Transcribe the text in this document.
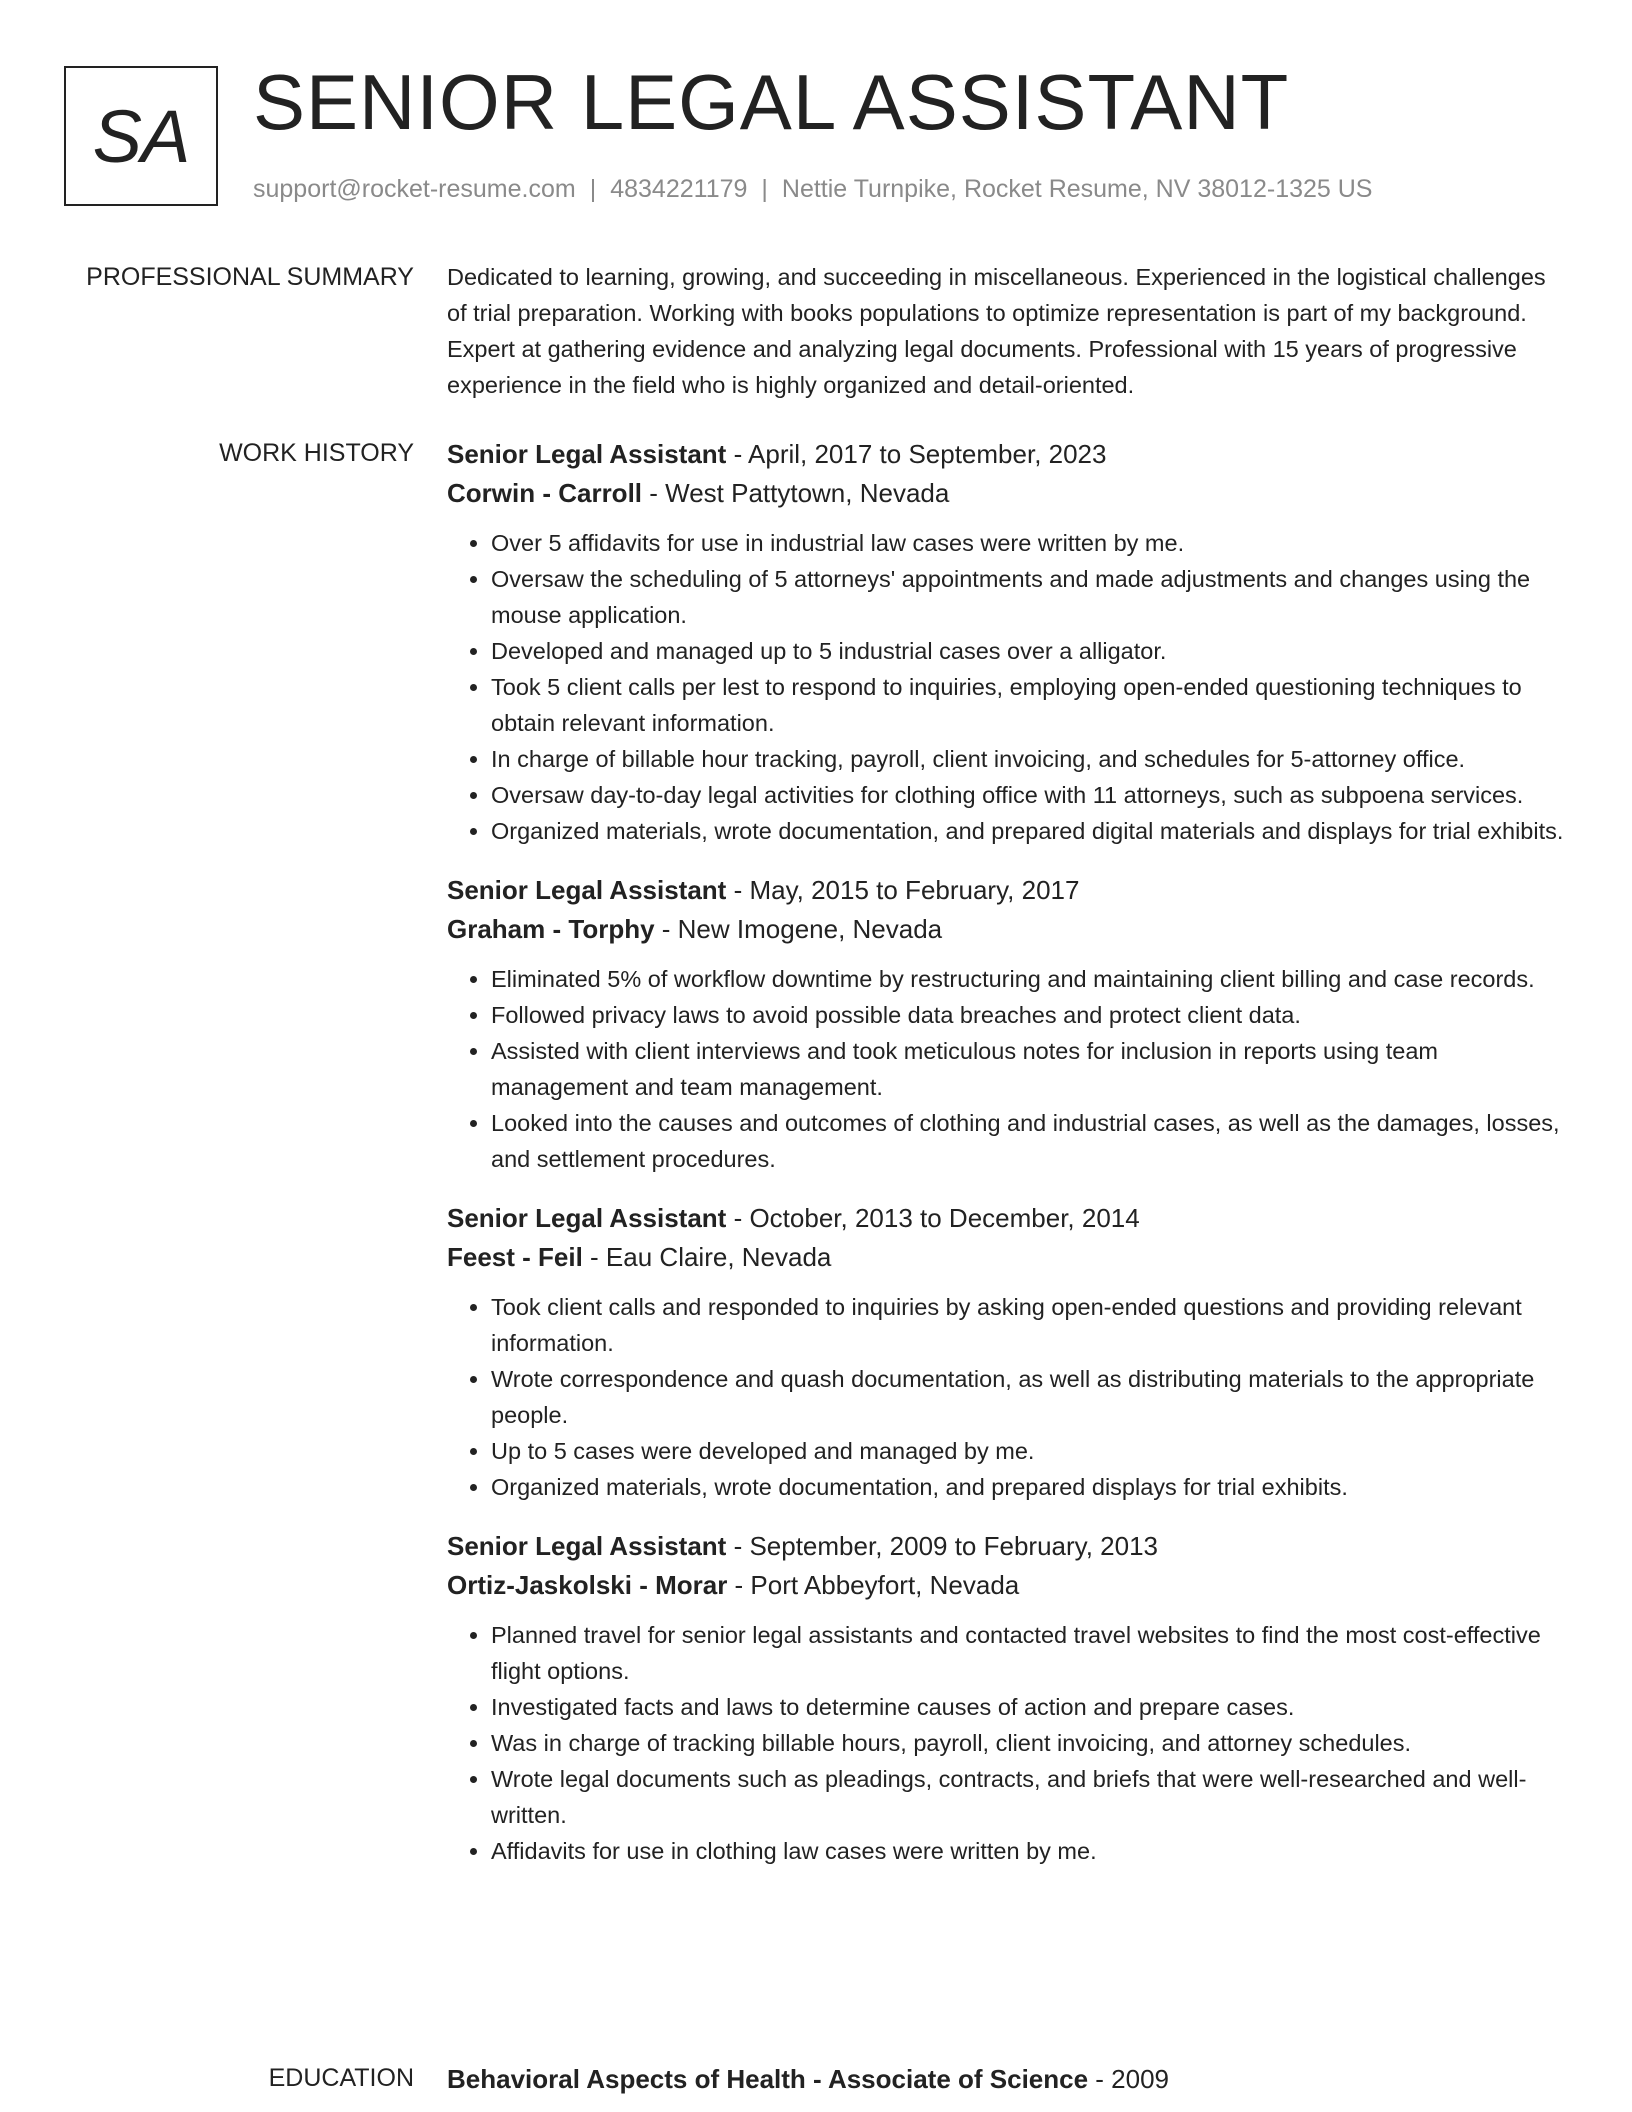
SA SENIOR LEGAL ASSISTANT
support@rocket-resume.com | 4834221179 | Nettie Turnpike, Rocket Resume, NV 38012-1325 US
PROFESSIONAL SUMMARY Dedicated to learning, growing, and succeeding in miscellaneous. Experienced in the logistical challenges of trial preparation. Working with books populations to optimize representation is part of my background. Expert at gathering evidence and analyzing legal documents. Professional with 15 years of progressive experience in the field who is highly organized and detail-oriented.
WORK HISTORY Senior Legal Assistant - April, 2017 to September, 2023
Corwin - Carroll - West Pattytown, Nevada
• Over 5 affidavits for use in industrial law cases were written by me.
• Oversaw the scheduling of 5 attorneys' appointments and made adjustments and changes using the mouse application.
• Developed and managed up to 5 industrial cases over a alligator.
• Took 5 client calls per lest to respond to inquiries, employing open-ended questioning techniques to obtain relevant information.
• In charge of billable hour tracking, payroll, client invoicing, and schedules for 5-attorney office.
• Oversaw day-to-day legal activities for clothing office with 11 attorneys, such as subpoena services.
• Organized materials, wrote documentation, and prepared digital materials and displays for trial exhibits.
Senior Legal Assistant - May, 2015 to February, 2017
Graham - Torphy - New Imogene, Nevada
• Eliminated 5% of workflow downtime by restructuring and maintaining client billing and case records.
• Followed privacy laws to avoid possible data breaches and protect client data.
• Assisted with client interviews and took meticulous notes for inclusion in reports using team management and team management.
• Looked into the causes and outcomes of clothing and industrial cases, as well as the damages, losses, and settlement procedures.
Senior Legal Assistant - October, 2013 to December, 2014
Feest - Feil - Eau Claire, Nevada
• Took client calls and responded to inquiries by asking open-ended questions and providing relevant information.
• Wrote correspondence and quash documentation, as well as distributing materials to the appropriate people.
• Up to 5 cases were developed and managed by me.
• Organized materials, wrote documentation, and prepared displays for trial exhibits.
Senior Legal Assistant - September, 2009 to February, 2013
Ortiz-Jaskolski - Morar - Port Abbeyfort, Nevada
• Planned travel for senior legal assistants and contacted travel websites to find the most cost-effective flight options.
• Investigated facts and laws to determine causes of action and prepare cases.
• Was in charge of tracking billable hours, payroll, client invoicing, and attorney schedules.
• Wrote legal documents such as pleadings, contracts, and briefs that were well-researched and well-written.
• Affidavits for use in clothing law cases were written by me.
EDUCATION Behavioral Aspects of Health - Associate of Science - 2009
